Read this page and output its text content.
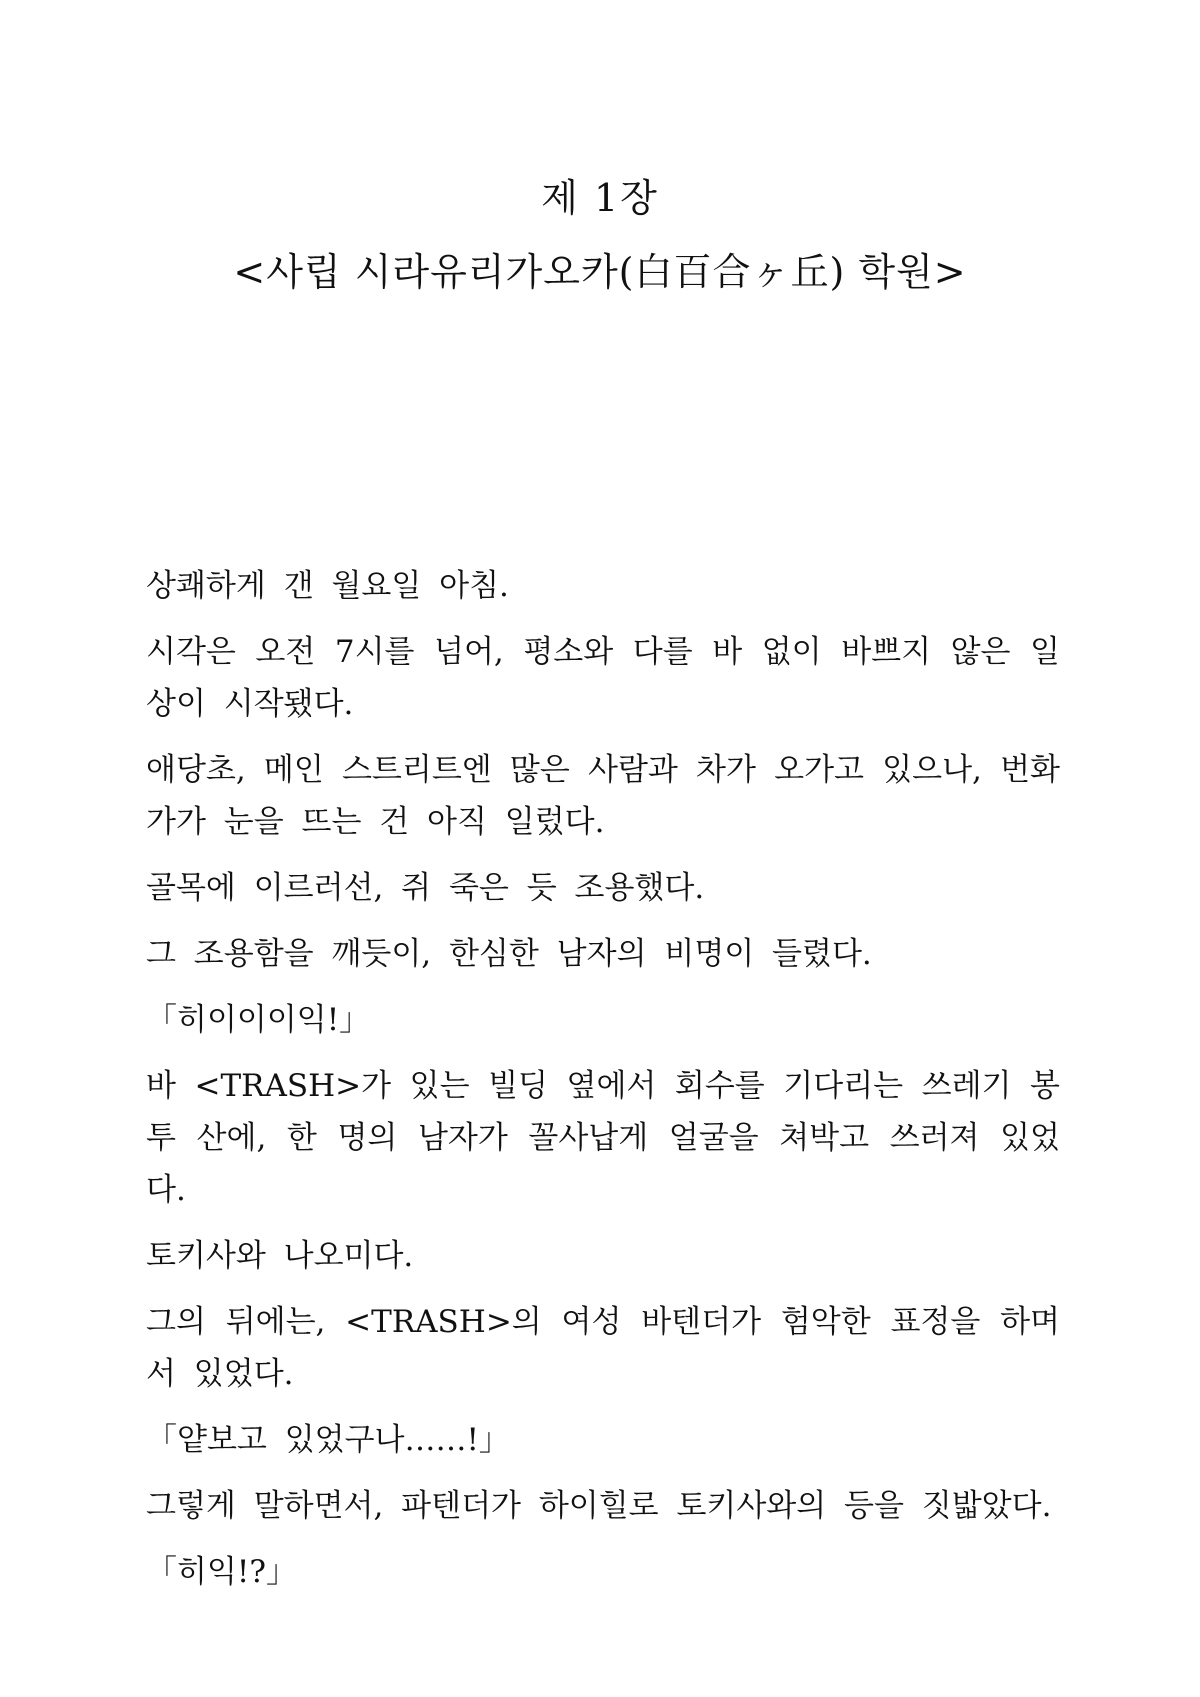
제 1장
<사립 시라유리가오카(白百合ヶ丘) 학원>

상쾌하게 갠 월요일 아침.

시각은 오전 7시를 넘어, 평소와 다를 바 없이 바쁘지 않은 일상이 시작됐다.

애당초, 메인 스트리트엔 많은 사람과 차가 오가고 있으나, 번화가가 눈을 뜨는 건 아직 일렀다.

골목에 이르러선, 쥐 죽은 듯 조용했다.

그 조용함을 깨듯이, 한심한 남자의 비명이 들렸다.

「히이이이익!」

바 <TRASH>가 있는 빌딩 옆에서 회수를 기다리는 쓰레기 봉투 산에, 한 명의 남자가 꼴사납게 얼굴을 쳐박고 쓰러져 있었다.

토키사와 나오미다.

그의 뒤에는, <TRASH>의 여성 바텐더가 험악한 표정을 하며 서 있었다.

「얕보고 있었구나……!」

그렇게 말하면서, 파텐더가 하이힐로 토키사와의 등을 짓밟았다.

「히익!?」
